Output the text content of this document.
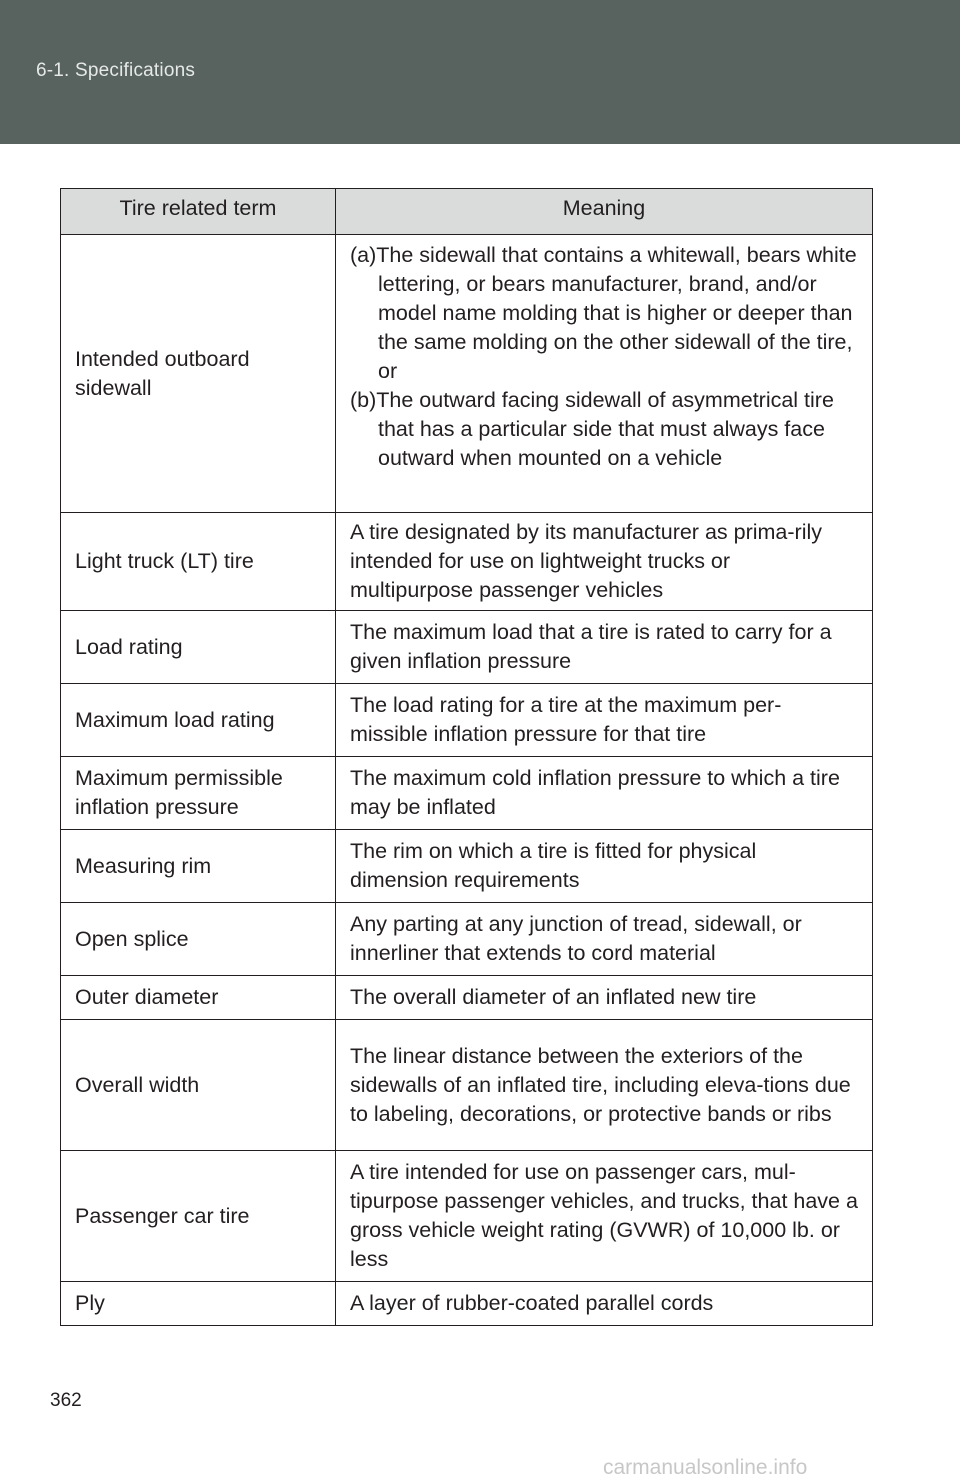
6-1. Specifications
Tire related term	Meaning
Intended outboard sidewall	(a)The sidewall that contains a whitewall, bears white lettering, or bears manufacturer, brand, and/or model name molding that is higher or deeper than the same molding on the other sidewall of the tire, or
(b)The outward facing sidewall of asymmetrical tire that has a particular side that must always face outward when mounted on a vehicle

Light truck (LT) tire	A tire designated by its manufacturer as prima-rily intended for use on lightweight trucks or multipurpose passenger vehicles
Load rating	The maximum load that a tire is rated to carry for a given inflation pressure
Maximum load rating	The load rating for a tire at the maximum per-missible inflation pressure for that tire
Maximum permissible inflation pressure	The maximum cold inflation pressure to which a tire may be inflated
Measuring rim	The rim on which a tire is fitted for physical dimension requirements
Open splice	Any parting at any junction of tread, sidewall, or innerliner that extends to cord material
Outer diameter	The overall diameter of an inflated new tire
Overall width	The linear distance between the exteriors of the sidewalls of an inflated tire, including eleva-tions due to labeling, decorations, or protective bands or ribs
Passenger car tire	A tire intended for use on passenger cars, mul-tipurpose passenger vehicles, and trucks, that have a gross vehicle weight rating (GVWR) of 10,000 lb. or less
Ply	A layer of rubber-coated parallel cords
362
carmanualsonline.info
